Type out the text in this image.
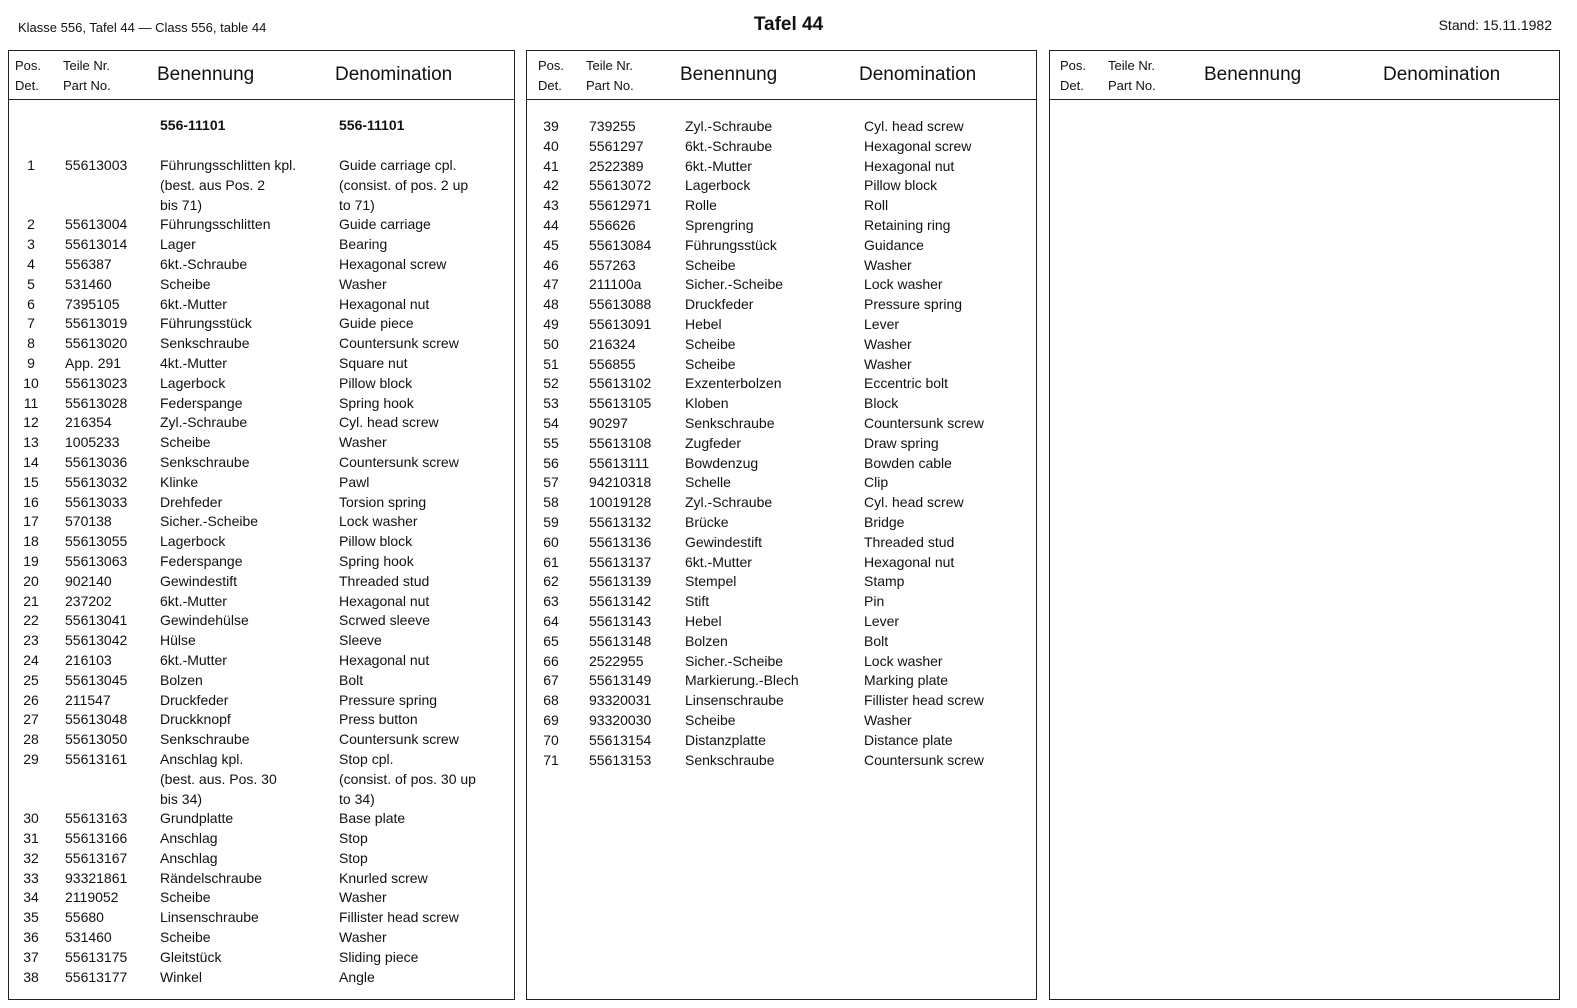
Klasse 556, Tafel 44 — Class 556, table 44	Tafel 44	Stand: 15.11.1982
Pos.
Det.
Teile Nr.
Part No.
Benennung	Denomination
556-11101	556-11101
1	55613003 Führungsschlitten kpl.	Guide carriage cpl.
(best. aus Pos. 2	(consist. of pos. 2 up
bis 71)	to 71)
2	55613004 Führungsschlitten	Guide carriage
3	55613014 Lager	Bearing
4	556387	6kt.-Schraube	Hexagonal screw
5	531460	Scheibe	Washer
6	7395105	6kt.-Mutter	Hexagonal nut
7	55613019 Führungsstück	Guide piece
8	55613020 Senkschraube	Countersunk screw
9	App. 291	4kt.-Mutter	Square nut
10	55613023 Lagerbock	Pillow block
11	55613028 Federspange	Spring hook
12	216354	Zyl.-Schraube	Cyl. head screw
13	1005233	Scheibe	Washer
14	55613036 Senkschraube	Countersunk screw
15	55613032 Klinke	Pawl
16	55613033 Drehfeder	Torsion spring
17	570138	Sicher.-Scheibe	Lock washer
18	55613055 Lagerbock	Pillow block
19	55613063 Federspange	Spring hook
20	902140	Gewindestift	Threaded stud
21	237202	6kt.-Mutter	Hexagonal nut
22	55613041 Gewindehülse	Scrwed sleeve
23	55613042 Hülse	Sleeve
24	216103	6kt.-Mutter	Hexagonal nut
25	55613045 Bolzen	Bolt
26	211547	Druckfeder	Pressure spring
27	55613048 Druckknopf	Press button
28	55613050 Senkschraube	Countersunk screw
29	55613161 Anschlag kpl.	Stop cpl.
(best. aus. Pos. 30	(consist. of pos. 30 up
bis 34)	to 34)
30	55613163 Grundplatte	Base plate
31	55613166 Anschlag	Stop
32	55613167 Anschlag	Stop
33	93321861 Rändelschraube	Knurled screw
34	2119052	Scheibe	Washer
35	55680	Linsenschraube	Fillister head screw
36	531460	Scheibe	Washer
37	55613175 Gleitstück	Sliding piece
38	55613177 Winkel	Angle
Pos.
Det.
Teile Nr.
Part No.
Benennung	Denomination
39	739255	Zyl.-Schraube	Cyl. head screw
40	5561297	6kt.-Schraube	Hexagonal screw
41	2522389	6kt.-Mutter	Hexagonal nut
42	55613072 Lagerbock	Pillow block
43	55612971 Rolle	Roll
44	556626	Sprengring	Retaining ring
45	55613084 Führungsstück	Guidance
46	557263	Scheibe	Washer
47	211100a	Sicher.-Scheibe	Lock washer
48	55613088 Druckfeder	Pressure spring
49	55613091 Hebel	Lever
50	216324	Scheibe	Washer
51	556855	Scheibe	Washer
52	55613102 Exzenterbolzen	Eccentric bolt
53	55613105 Kloben	Block
54	90297	Senkschraube	Countersunk screw
55	55613108 Zugfeder	Draw spring
56	55613111	Bowdenzug	Bowden cable
57	94210318 Schelle	Clip
58	10019128 Zyl.-Schraube	Cyl. head screw
59	55613132 Brücke	Bridge
60	55613136 Gewindestift	Threaded stud
61	55613137 6kt.-Mutter	Hexagonal nut
62	55613139 Stempel	Stamp
63	55613142 Stift	Pin
64	55613143 Hebel	Lever
65	55613148 Bolzen	Bolt
66	2522955	Sicher.-Scheibe	Lock washer
67	55613149 Markierung.-Blech	Marking plate
68	93320031 Linsenschraube	Fillister head screw
69	93320030 Scheibe	Washer
70	55613154 Distanzplatte	Distance plate
71	55613153 Senkschraube	Countersunk screw
Pos.
Det.
Teile Nr.
Part No.
Benennung	Denomination
